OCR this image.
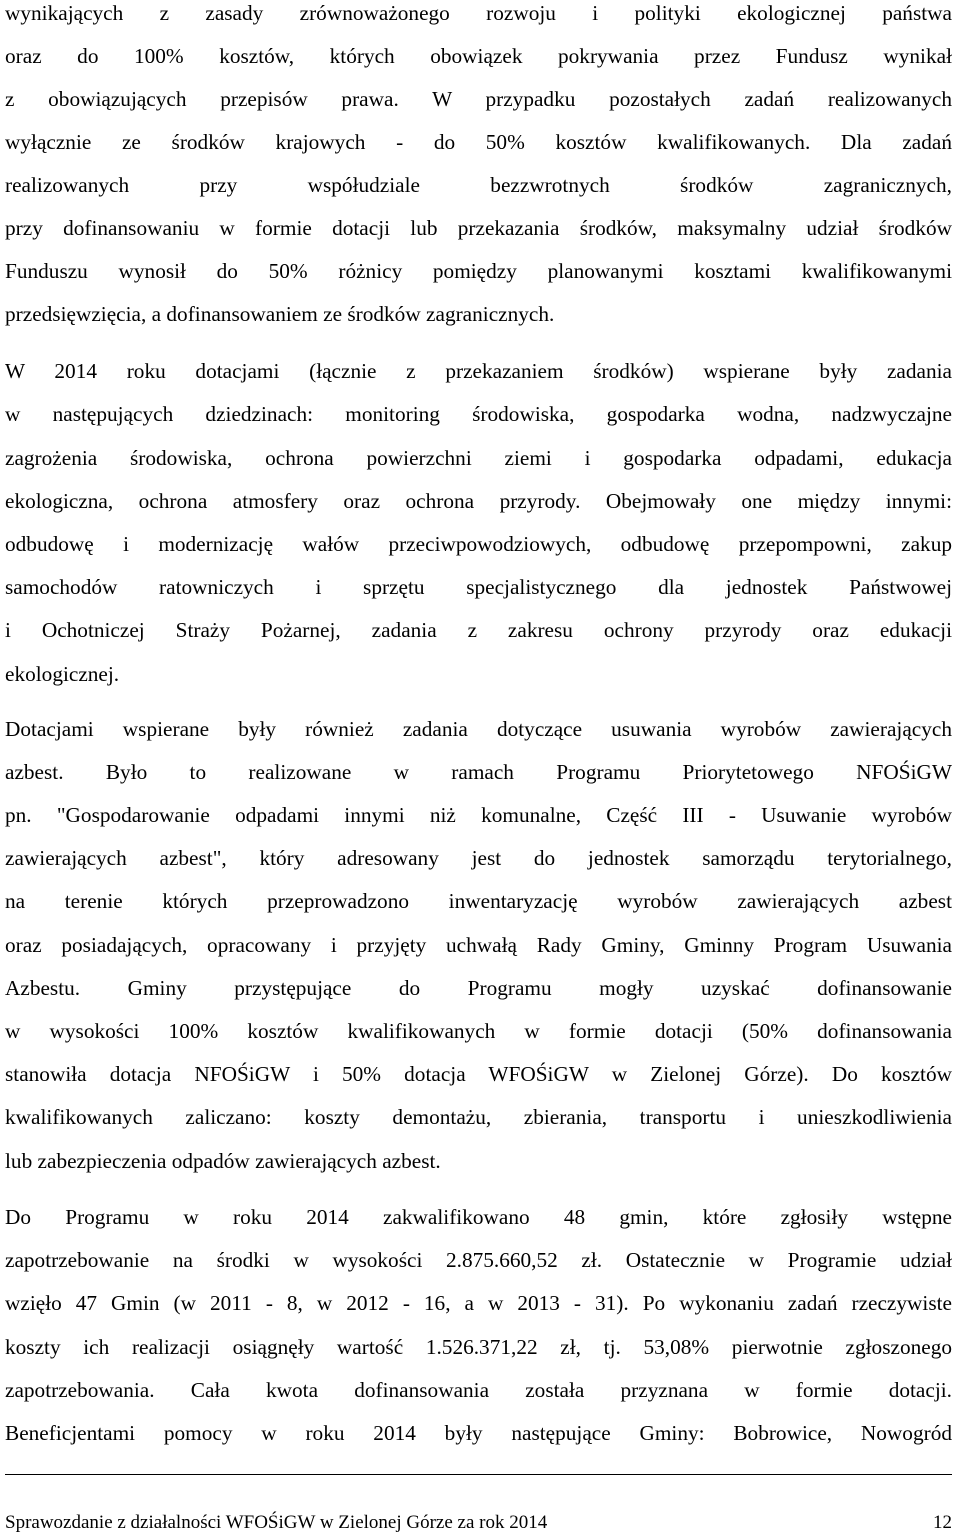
wynikających z zasady zrównoważonego rozwoju i polityki ekologicznej państwa
oraz do 100% kosztów, których obowiązek pokrywania przez Fundusz wynikał
z obowiązujących przepisów prawa. W przypadku pozostałych zadań realizowanych
wyłącznie ze środków krajowych - do 50% kosztów kwalifikowanych. Dla zadań
realizowanych przy współudziale bezzwrotnych środków zagranicznych,
przy dofinansowaniu w formie dotacji lub przekazania środków, maksymalny udział środków
Funduszu wynosił do 50% różnicy pomiędzy planowanymi kosztami kwalifikowanymi
przedsięwzięcia, a dofinansowaniem ze środków zagranicznych.
W 2014 roku dotacjami (łącznie z przekazaniem środków) wspierane były zadania
w następujących dziedzinach: monitoring środowiska, gospodarka wodna, nadzwyczajne
zagrożenia środowiska, ochrona powierzchni ziemi i gospodarka odpadami, edukacja
ekologiczna, ochrona atmosfery oraz ochrona przyrody. Obejmowały one między innymi:
odbudowę i modernizację wałów przeciwpowodziowych, odbudowę przepompowni, zakup
samochodów ratowniczych i sprzętu specjalistycznego dla jednostek Państwowej
i Ochotniczej Straży Pożarnej, zadania z zakresu ochrony przyrody oraz edukacji
ekologicznej.
Dotacjami wspierane były również zadania dotyczące usuwania wyrobów zawierających
azbest. Było to realizowane w ramach Programu Priorytetowego NFOŚiGW
pn. "Gospodarowanie odpadami innymi niż komunalne, Część III - Usuwanie wyrobów
zawierających azbest", który adresowany jest do jednostek samorządu terytorialnego,
na terenie których przeprowadzono inwentaryzację wyrobów zawierających azbest
oraz posiadających, opracowany i przyjęty uchwałą Rady Gminy, Gminny Program Usuwania
Azbestu. Gminy przystępujące do Programu mogły uzyskać dofinansowanie
w wysokości 100% kosztów kwalifikowanych w formie dotacji (50% dofinansowania
stanowiła dotacja NFOŚiGW i 50% dotacja WFOŚiGW w Zielonej Górze). Do kosztów
kwalifikowanych zaliczano: koszty demontażu, zbierania, transportu i unieszkodliwienia
lub zabezpieczenia odpadów zawierających azbest.
Do Programu w roku 2014 zakwalifikowano 48 gmin, które zgłosiły wstępne
zapotrzebowanie na środki w wysokości 2.875.660,52 zł. Ostatecznie w Programie udział
wzięło 47 Gmin (w 2011 - 8, w 2012 - 16, a w 2013 - 31). Po wykonaniu zadań rzeczywiste
koszty ich realizacji osiągnęły wartość 1.526.371,22 zł, tj. 53,08% pierwotnie zgłoszonego
zapotrzebowania. Cała kwota dofinansowania została przyznana w formie dotacji.
Beneficjentami pomocy w roku 2014 były następujące Gminy: Bobrowice, Nowogród
Sprawozdanie z działalności WFOŚiGW w Zielonej Górze za rok 2014	12
